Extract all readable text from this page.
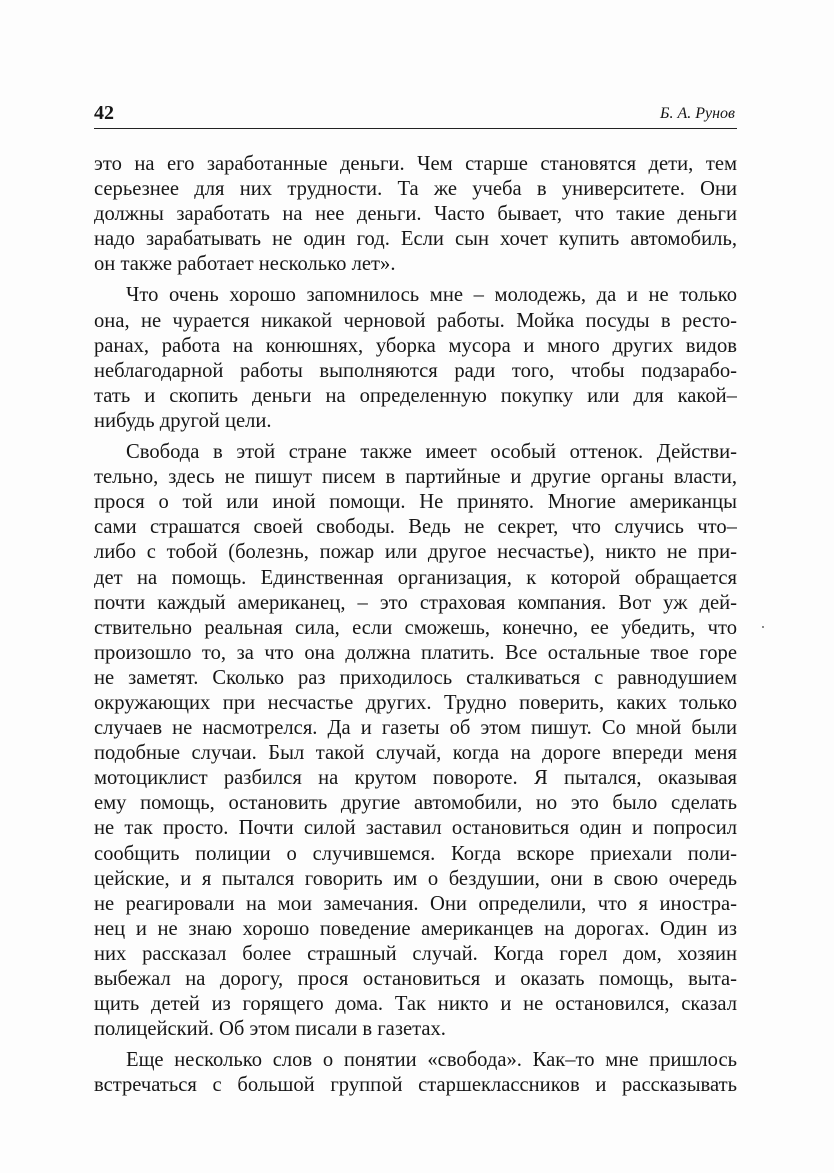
42	Б. А. Рунов
это на его заработанные деньги. Чем старше становятся дети, тем
серьезнее для них трудности. Та же учеба в университете. Они
должны заработать на нее деньги. Часто бывает, что такие деньги
надо зарабатывать не один год. Если сын хочет купить автомобиль,
он также работает несколько лет».
Что очень хорошо запомнилось мне – молодежь, да и не только
она, не чурается никакой черновой работы. Мойка посуды в ресто-
ранах, работа на конюшнях, уборка мусора и много других видов
неблагодарной работы выполняются ради того, чтобы подзарабо-
тать и скопить деньги на определенную покупку или для какой–
нибудь другой цели.
Свобода в этой стране также имеет особый оттенок. Действи-
тельно, здесь не пишут писем в партийные и другие органы власти,
прося о той или иной помощи. Не принято. Многие американцы
сами страшатся своей свободы. Ведь не секрет, что случись что–
либо с тобой (болезнь, пожар или другое несчастье), никто не при-
дет на помощь. Единственная организация, к которой обращается
почти каждый американец, – это страховая компания. Вот уж дей-
ствительно реальная сила, если сможешь, конечно, ее убедить, что
произошло то, за что она должна платить. Все остальные твое горе
не заметят. Сколько раз приходилось сталкиваться с равнодушием
окружающих при несчастье других. Трудно поверить, каких только
случаев не насмотрелся. Да и газеты об этом пишут. Со мной были
подобные случаи. Был такой случай, когда на дороге впереди меня
мотоциклист разбился на крутом повороте. Я пытался, оказывая
ему помощь, остановить другие автомобили, но это было сделать
не так просто. Почти силой заставил остановиться один и попросил
сообщить полиции о случившемся. Когда вскоре приехали поли-
цейские, и я пытался говорить им о бездушии, они в свою очередь
не реагировали на мои замечания. Они определили, что я иностра-
нец и не знаю хорошо поведение американцев на дорогах. Один из
них рассказал более страшный случай. Когда горел дом, хозяин
выбежал на дорогу, прося остановиться и оказать помощь, выта-
щить детей из горящего дома. Так никто и не остановился, сказал
полицейский. Об этом писали в газетах.
Еще несколько слов о понятии «свобода». Как–то мне пришлось
встречаться с большой группой старшеклассников и рассказывать
